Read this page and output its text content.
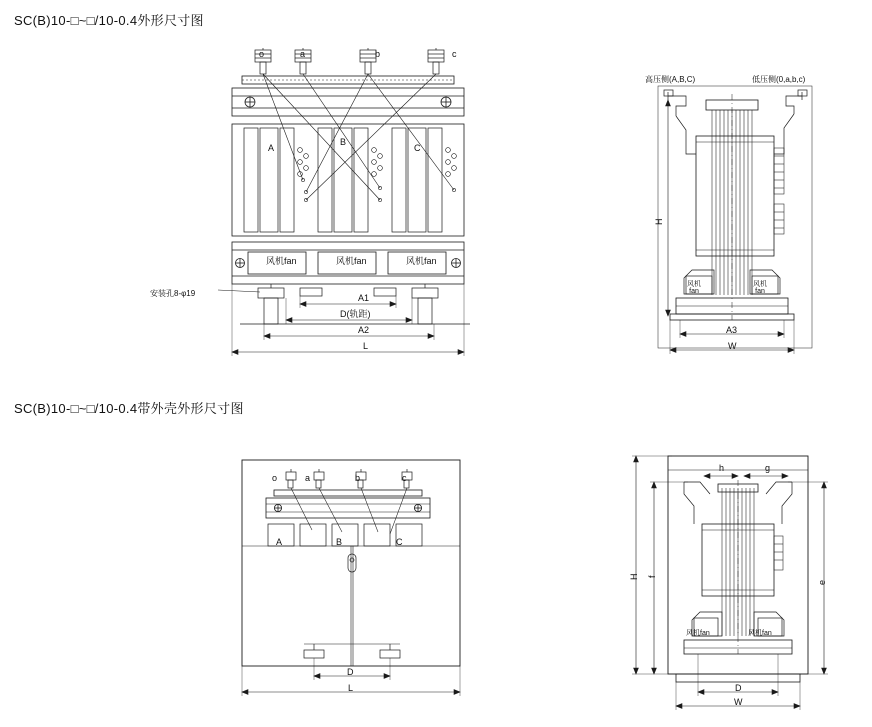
SC(B)10-□~□/10-0.4外形尺寸图
o	a	b	c
A
B
C
风机fan	风机fan	风机fan
安装孔8-φ19	A1
D(轨距)
A2
L
高压侧(A,B,C)	低压侧(0,a,b,c)
H
风机
fan
风机
fan
A3
W
SC(B)10-□~□/10-0.4带外壳外形尺寸图
o	a	b	c
A	B	C
D
L
h	g
H f
e
风机fan	风机fan
D
W
